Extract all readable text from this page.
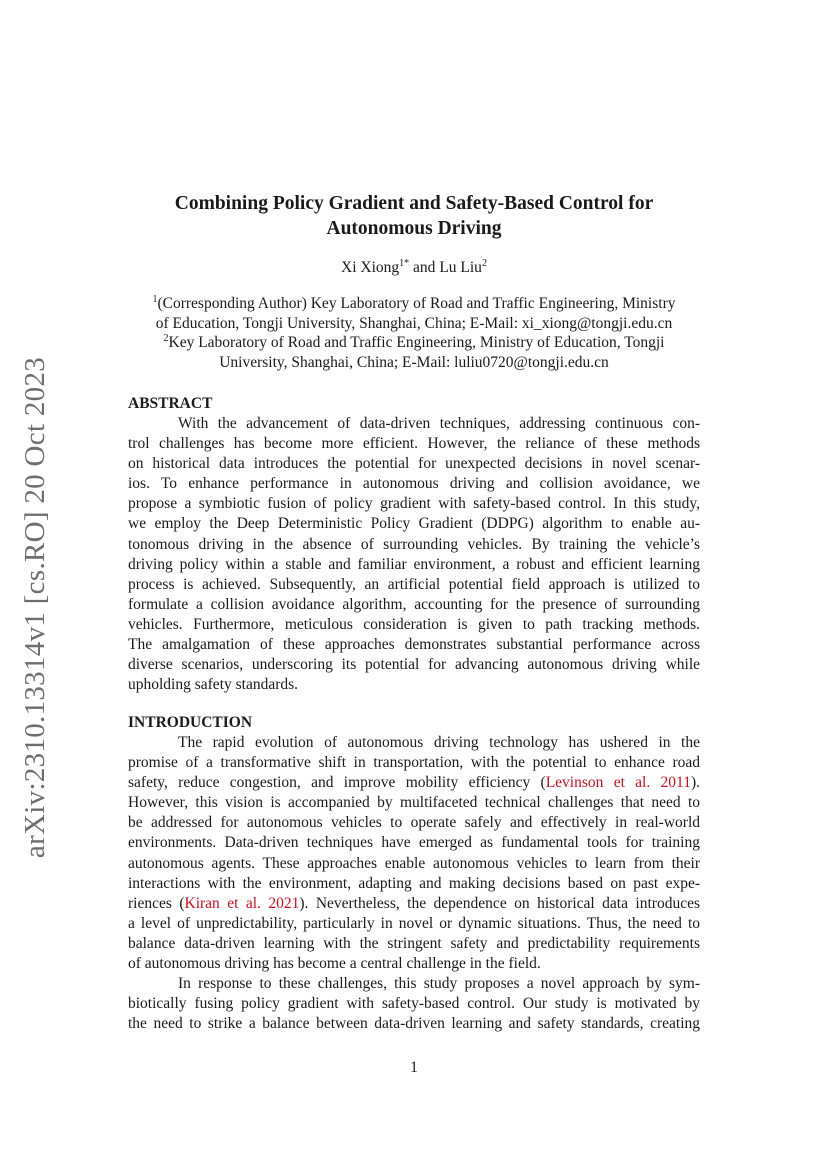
arXiv:2310.13314v1 [cs.RO] 20 Oct 2023
Combining Policy Gradient and Safety-Based Control for
Autonomous Driving
Xi Xiong$^{1*}$ and Lu Liu$^2$
$^1$(Corresponding Author) Key Laboratory of Road and Traffic Engineering, Ministry
of Education, Tongji University, Shanghai, China; E-Mail: xi_xiong@tongji.edu.cn
$^2$Key Laboratory of Road and Traffic Engineering, Ministry of Education, Tongji
University, Shanghai, China; E-Mail: luliu0720@tongji.edu.cn
ABSTRACT
With the advancement of data-driven techniques, addressing continuous con-
trol challenges has become more efficient. However, the reliance of these methods
on historical data introduces the potential for unexpected decisions in novel scenar-
ios. To enhance performance in autonomous driving and collision avoidance, we
propose a symbiotic fusion of policy gradient with safety-based control. In this study,
we employ the Deep Deterministic Policy Gradient (DDPG) algorithm to enable au-
tonomous driving in the absence of surrounding vehicles. By training the vehicle’s
driving policy within a stable and familiar environment, a robust and efficient learning
process is achieved. Subsequently, an artificial potential field approach is utilized to
formulate a collision avoidance algorithm, accounting for the presence of surrounding
vehicles. Furthermore, meticulous consideration is given to path tracking methods.
The amalgamation of these approaches demonstrates substantial performance across
diverse scenarios, underscoring its potential for advancing autonomous driving while
upholding safety standards.
INTRODUCTION
The rapid evolution of autonomous driving technology has ushered in the
promise of a transformative shift in transportation, with the potential to enhance road
safety, reduce congestion, and improve mobility efficiency (Levinson et al. 2011).
However, this vision is accompanied by multifaceted technical challenges that need to
be addressed for autonomous vehicles to operate safely and effectively in real-world
environments. Data-driven techniques have emerged as fundamental tools for training
autonomous agents. These approaches enable autonomous vehicles to learn from their
interactions with the environment, adapting and making decisions based on past expe-
riences (Kiran et al. 2021). Nevertheless, the dependence on historical data introduces
a level of unpredictability, particularly in novel or dynamic situations. Thus, the need to
balance data-driven learning with the stringent safety and predictability requirements
of autonomous driving has become a central challenge in the field.
In response to these challenges, this study proposes a novel approach by sym-
biotically fusing policy gradient with safety-based control. Our study is motivated by
the need to strike a balance between data-driven learning and safety standards, creating
1
